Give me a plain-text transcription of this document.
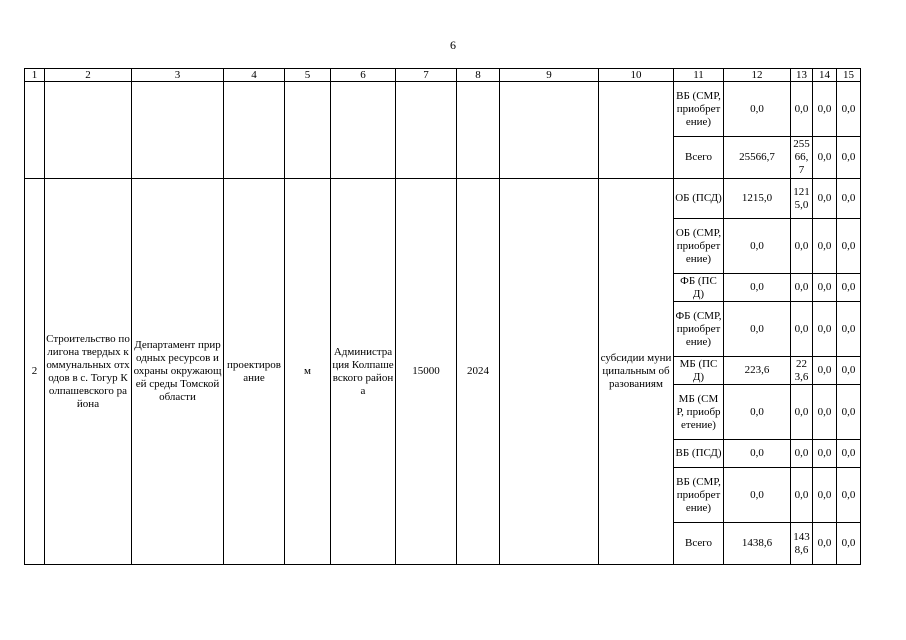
6
1	2	3	4	5	6	7	8	9	10	11	12	13	14	15
										ВБ (СМР, приобретение)	0,0	0,0	0,0	0,0
										Всего	25566,7	25566,7	0,0	0,0
2	Строительство полигона твердых коммунальных отходов в с. Тогур Колпашевского района	Департамент природных ресурсов и охраны окружающей среды Томской области	проектирование	м	Администрация Колпашевского района	15000	2024		субсидии муниципальным образованиям	ОБ (ПСД)	1215,0	1215,0	0,0	0,0
										ОБ (СМР, приобретение)	0,0	0,0	0,0	0,0
										ФБ (ПСД)	0,0	0,0	0,0	0,0
										ФБ (СМР, приобретение)	0,0	0,0	0,0	0,0
										МБ (ПСД)	223,6	223,6	0,0	0,0
										МБ (СМР, приобретение)	0,0	0,0	0,0	0,0
										ВБ (ПСД)	0,0	0,0	0,0	0,0
										ВБ (СМР, приобретение)	0,0	0,0	0,0	0,0
										Всего	1438,6	1438,6	0,0	0,0
